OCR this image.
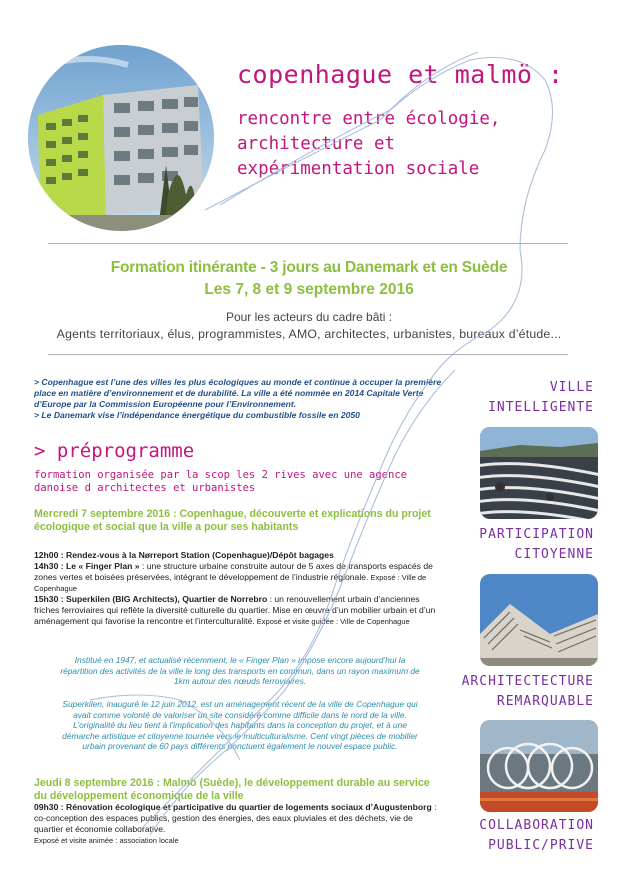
copenhague et malmö :
rencontre entre écologie,
architecture et
expérimentation sociale
Formation itinérante - 3 jours au Danemark et en Suède
Les 7, 8 et 9 septembre 2016
Pour les acteurs du cadre bâti :
Agents territoriaux, élus, programmistes, AMO, architectes, urbanistes, bureaux d’étude...

> Copenhague est l’une des villes les plus écologiques au monde et continue à occuper la première place en matière d’environnement et de durabilité. La ville a été nommée en 2014 Capitale Verte d’Europe par la Commission Européenne pour l’Environnement.

> Le Danemark vise l’indépendance énergétique du combustible fossile en 2050

> préprogramme
formation organisée par la scop les 2 rives avec une agence danoise d architectes et urbanistes
Mercredi 7 septembre 2016 : Copenhague, découverte et explications du projet écologique et social que la ville a pour ses habitants

12h00 : Rendez-vous à la Nørreport Station (Copenhague)/Dépôt bagages

14h30 : Le « Finger Plan » : une structure urbaine construite autour de 5 axes de transports espacés de zones vertes et boisées préservées, intégrant le développement de l’industrie régionale. Exposé : Ville de Copenhague

15h30 : Superkilen (BIG Architects), Quartier de Norrebro : un renouvellement urbain d’anciennes friches ferroviaires qui reflète la diversité culturelle du quartier. Mise en œuvre d’un mobilier urbain et d’un aménagement qui favorise la rencontre et l’interculturalité. Exposé et visite guidée : Ville de Copenhague

Institué en 1947, et actualisé récemment, le « Finger Plan » impose encore aujourd’hui la répartition des activités de la ville le long des transports en commun, dans un rayon maximum de 1km autour des nœuds ferroviaires.
Superkilen, inauguré le 12 juin 2012, est un aménagement récent de la ville de Copenhague qui avait comme volonté de valoriser un site considéré comme difficile dans le nord de la ville. L’originalité du lieu tient à l’implication des habitants dans la conception du projet, et à une démarche artistique et citoyenne tournée vers le multiculturalisme. Cent vingt pièces de mobilier urbain provenant de 60 pays différents ponctuent également le nouvel espace public.
Jeudi 8 septembre 2016 : Malmö (Suède), le développement durable au service du développement économique de la ville

09h30 : Rénovation écologique et participative du quartier de logements sociaux d’Augustenborg : co-conception des espaces publics, gestion des énergies, des eaux pluviales et des déchets, vie de quartier et économie collaborative.

Exposé et visite animée : association locale

VILLE
INTELLIGENTE
PARTICIPATION
CITOYENNE
ARCHITECTECTURE
REMARQUABLE
COLLABORATION
PUBLIC/PRIVE
